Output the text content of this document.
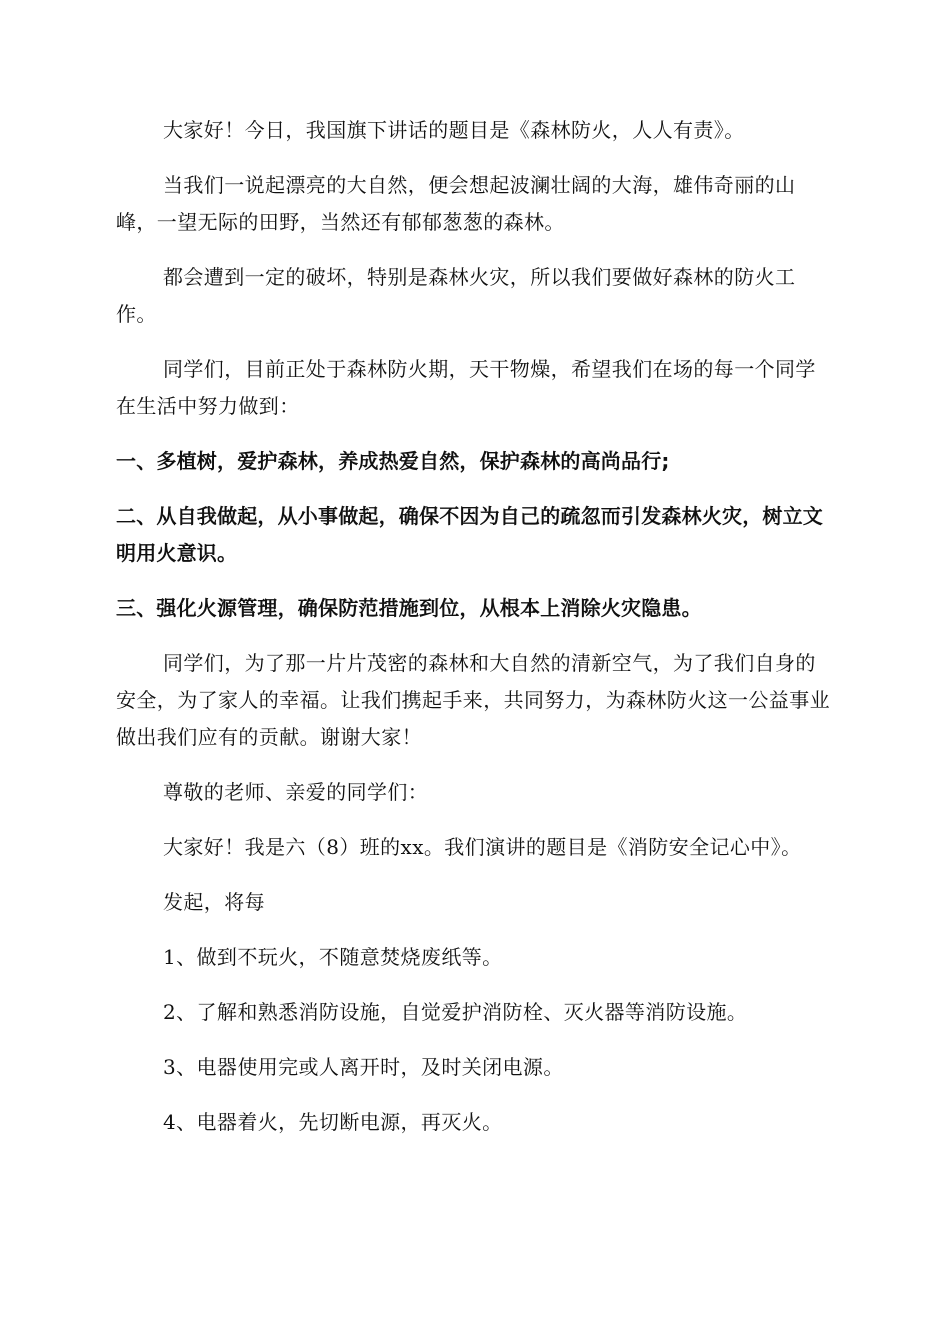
大家好！今日，我国旗下讲话的题目是《森林防火，人人有责》。

当我们一说起漂亮的大自然，便会想起波澜壮阔的大海，雄伟奇丽的山峰，一望无际的田野，当然还有郁郁葱葱的森林。

都会遭到一定的破坏，特别是森林火灾，所以我们要做好森林的防火工作。

同学们，目前正处于森林防火期，天干物燥，希望我们在场的每一个同学在生活中努力做到：

一、多植树，爱护森林，养成热爱自然，保护森林的高尚品行;

二、从自我做起，从小事做起，确保不因为自己的疏忽而引发森林火灾，树立文明用火意识。

三、强化火源管理，确保防范措施到位，从根本上消除火灾隐患。

同学们，为了那一片片茂密的森林和大自然的清新空气，为了我们自身的安全，为了家人的幸福。让我们携起手来，共同努力，为森林防火这一公益事业做出我们应有的贡献。谢谢大家！

尊敬的老师、亲爱的同学们：

大家好！我是六（8）班的xx。我们演讲的题目是《消防安全记心中》。

发起，将每

1、做到不玩火，不随意焚烧废纸等。

2、了解和熟悉消防设施，自觉爱护消防栓、灭火器等消防设施。

3、电器使用完或人离开时，及时关闭电源。

4、电器着火，先切断电源，再灭火。
